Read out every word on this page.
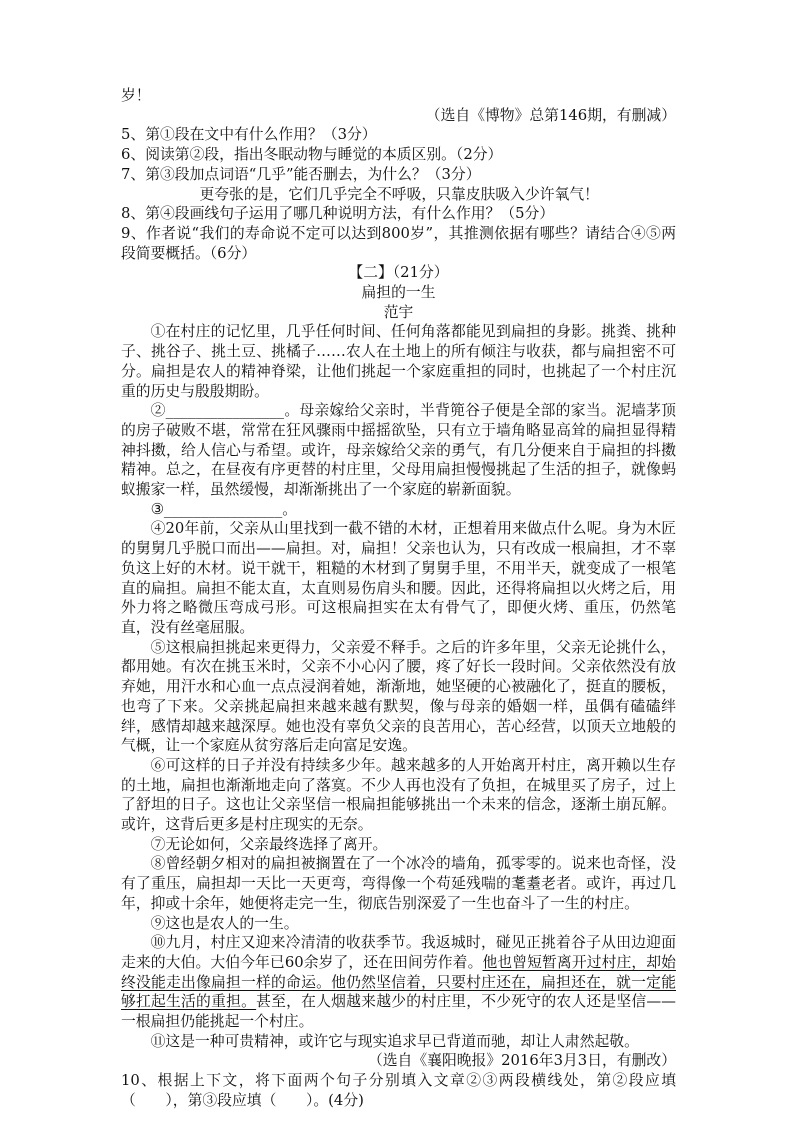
岁！
（选自《博物》总第146期，有删减）
5、第①段在文中有什么作用？（3分）
6、阅读第②段，指出冬眠动物与睡觉的本质区别。（2分）
7、第③段加点词语“几乎”能否删去，为什么？（3分）
更夸张的是，它们几乎完全不呼吸，只靠皮肤吸入少许氧气！
8、第④段画线句子运用了哪几种说明方法，有什么作用？（5分）
9、作者说“我们的寿命说不定可以达到800岁”，其推测依据有哪些？请结合④⑤两段简要概括。（6分）
【二】（21分）
扁担的一生
范宇

①在村庄的记忆里，几乎任何时间、任何角落都能见到扁担的身影。挑粪、挑种子、挑谷子、挑土豆、挑橘子……农人在土地上的所有倾注与收获，都与扁担密不可分。扁担是农人的精神脊梁，让他们挑起一个家庭重担的同时，也挑起了一个村庄沉重的历史与殷殷期盼。

②________________。母亲嫁给父亲时，半背篼谷子便是全部的家当。泥墙茅顶的房子破败不堪，常常在狂风骤雨中摇摇欲坠，只有立于墙角略显高耸的扁担显得精神抖擞，给人信心与希望。或许，母亲嫁给父亲的勇气，有几分便来自于扁担的抖擞精神。总之，在昼夜有序更替的村庄里，父母用扁担慢慢挑起了生活的担子，就像蚂蚁搬家一样，虽然缓慢，却渐渐挑出了一个家庭的崭新面貌。

③________________。

④20年前，父亲从山里找到一截不错的木材，正想着用来做点什么呢。身为木匠的舅舅几乎脱口而出——扁担。对，扁担！父亲也认为，只有改成一根扁担，才不辜负这上好的木材。说干就干，粗糙的木材到了舅舅手里，不用半天，就变成了一根笔直的扁担。扁担不能太直，太直则易伤肩头和腰。因此，还得将扁担以火烤之后，用外力将之略微压弯成弓形。可这根扁担实在太有骨气了，即便火烤、重压，仍然笔直，没有丝毫屈服。

⑤这根扁担挑起来更得力，父亲爱不释手。之后的许多年里，父亲无论挑什么，都用她。有次在挑玉米时，父亲不小心闪了腰，疼了好长一段时间。父亲依然没有放弃她，用汗水和心血一点点浸润着她，渐渐地，她坚硬的心被融化了，挺直的腰板，也弯了下来。父亲挑起扁担来越来越有默契，像与母亲的婚姻一样，虽偶有磕磕绊绊，感情却越来越深厚。她也没有辜负父亲的良苦用心，苦心经营，以顶天立地般的气概，让一个家庭从贫穷落后走向富足安逸。

⑥可这样的日子并没有持续多少年。越来越多的人开始离开村庄，离开赖以生存的土地，扁担也渐渐地走向了落寞。不少人再也没有了负担，在城里买了房子，过上了舒坦的日子。这也让父亲坚信一根扁担能够挑出一个未来的信念，逐渐土崩瓦解。或许，这背后更多是村庄现实的无奈。

⑦无论如何，父亲最终选择了离开。

⑧曾经朝夕相对的扁担被搁置在了一个冰冷的墙角，孤零零的。说来也奇怪，没有了重压，扁担却一天比一天更弯，弯得像一个苟延残喘的耄耋老者。或许，再过几年，抑或十余年，她便将走完一生，彻底告别深爱了一生也奋斗了一生的村庄。

⑨这也是农人的一生。

⑩九月，村庄又迎来冷清清的收获季节。我返城时，碰见正挑着谷子从田边迎面走来的大伯。大伯今年已60余岁了，还在田间劳作着。他也曾短暂离开过村庄，却始终没能走出像扁担一样的命运。他仍然坚信着，只要村庄还在，扁担还在，就一定能够扛起生活的重担。甚至，在人烟越来越少的村庄里，不少死守的农人还是坚信——一根扁担仍能挑起一个村庄。

⑪这是一种可贵精神，或许它与现实追求早已背道而驰，却让人肃然起敬。

（选自《襄阳晚报》2016年3月3日，有删改）
10、根据上下文，将下面两个句子分别填入文章②③两段横线处，第②段应填（　　），第③段应填（　　）。(4分)
